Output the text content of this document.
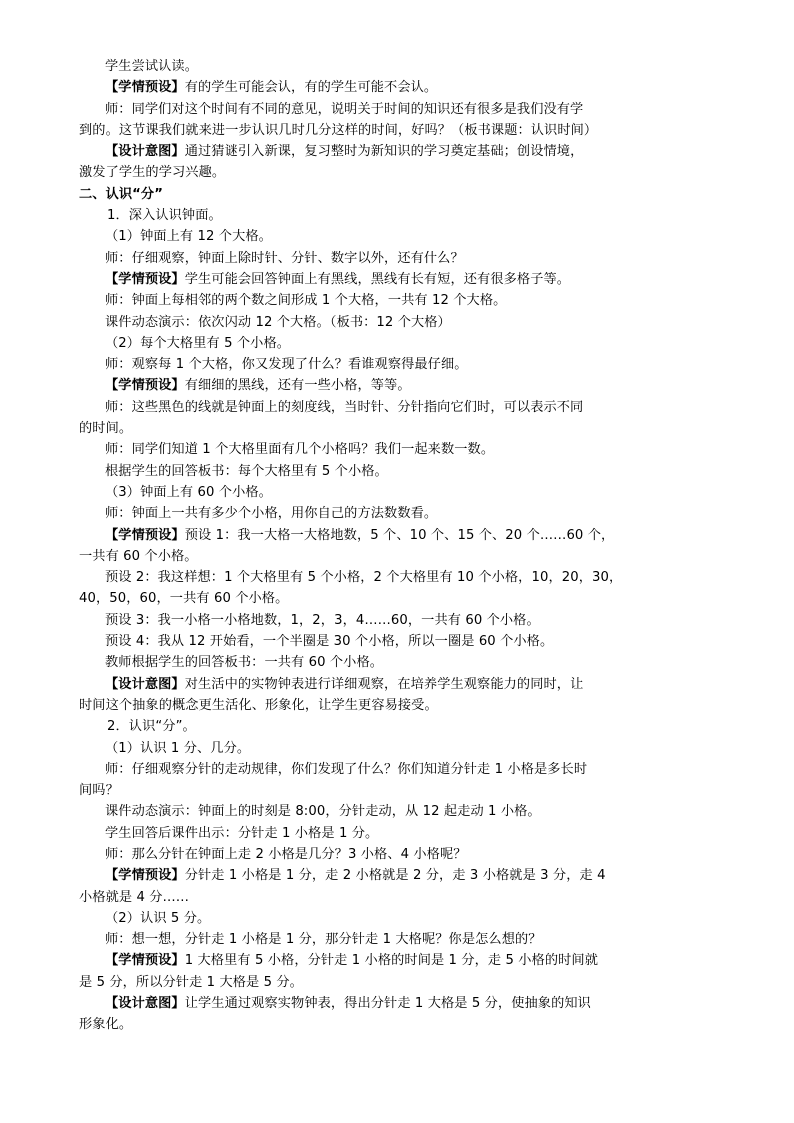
学生尝试认读。

【学情预设】有的学生可能会认，有的学生可能不会认。

师：同学们对这个时间有不同的意见，说明关于时间的知识还有很多是我们没有学

到的。这节课我们就来进一步认识几时几分这样的时间，好吗？（板书课题：认识时间）

【设计意图】通过猜谜引入新课，复习整时为新知识的学习奠定基础；创设情境，

激发了学生的学习兴趣。

二、认识“分”

1．深入认识钟面。

（1）钟面上有 12 个大格。

师：仔细观察，钟面上除时针、分针、数字以外，还有什么？

【学情预设】学生可能会回答钟面上有黑线，黑线有长有短，还有很多格子等。

师：钟面上每相邻的两个数之间形成 1 个大格，一共有 12 个大格。

课件动态演示：依次闪动 12 个大格。（板书：12 个大格）

（2）每个大格里有 5 个小格。

师：观察每 1 个大格，你又发现了什么？看谁观察得最仔细。

【学情预设】有细细的黑线，还有一些小格，等等。

师：这些黑色的线就是钟面上的刻度线，当时针、分针指向它们时，可以表示不同

的时间。

师：同学们知道 1 个大格里面有几个小格吗？我们一起来数一数。

根据学生的回答板书：每个大格里有 5 个小格。

（3）钟面上有 60 个小格。

师：钟面上一共有多少个小格，用你自己的方法数数看。

【学情预设】预设 1：我一大格一大格地数，5 个、10 个、15 个、20 个……60 个，

一共有 60 个小格。

预设 2：我这样想：1 个大格里有 5 个小格，2 个大格里有 10 个小格，10，20，30，

40，50，60，一共有 60 个小格。

预设 3：我一小格一小格地数，1，2，3，4……60，一共有 60 个小格。

预设 4：我从 12 开始看，一个半圈是 30 个小格，所以一圈是 60 个小格。

教师根据学生的回答板书：一共有 60 个小格。

【设计意图】对生活中的实物钟表进行详细观察，在培养学生观察能力的同时，让

时间这个抽象的概念更生活化、形象化，让学生更容易接受。

2．认识“分”。

（1）认识 1 分、几分。

师：仔细观察分针的走动规律，你们发现了什么？你们知道分针走 1 小格是多长时

间吗？

课件动态演示：钟面上的时刻是 8:00，分针走动，从 12 起走动 1 小格。

学生回答后课件出示：分针走 1 小格是 1 分。

师：那么分针在钟面上走 2 小格是几分？3 小格、4 小格呢？

【学情预设】分针走 1 小格是 1 分，走 2 小格就是 2 分，走 3 小格就是 3 分，走 4

小格就是 4 分……

（2）认识 5 分。

师：想一想，分针走 1 小格是 1 分，那分针走 1 大格呢？你是怎么想的？

【学情预设】1 大格里有 5 小格，分针走 1 小格的时间是 1 分，走 5 小格的时间就

是 5 分，所以分针走 1 大格是 5 分。

【设计意图】让学生通过观察实物钟表，得出分针走 1 大格是 5 分，使抽象的知识

形象化。
